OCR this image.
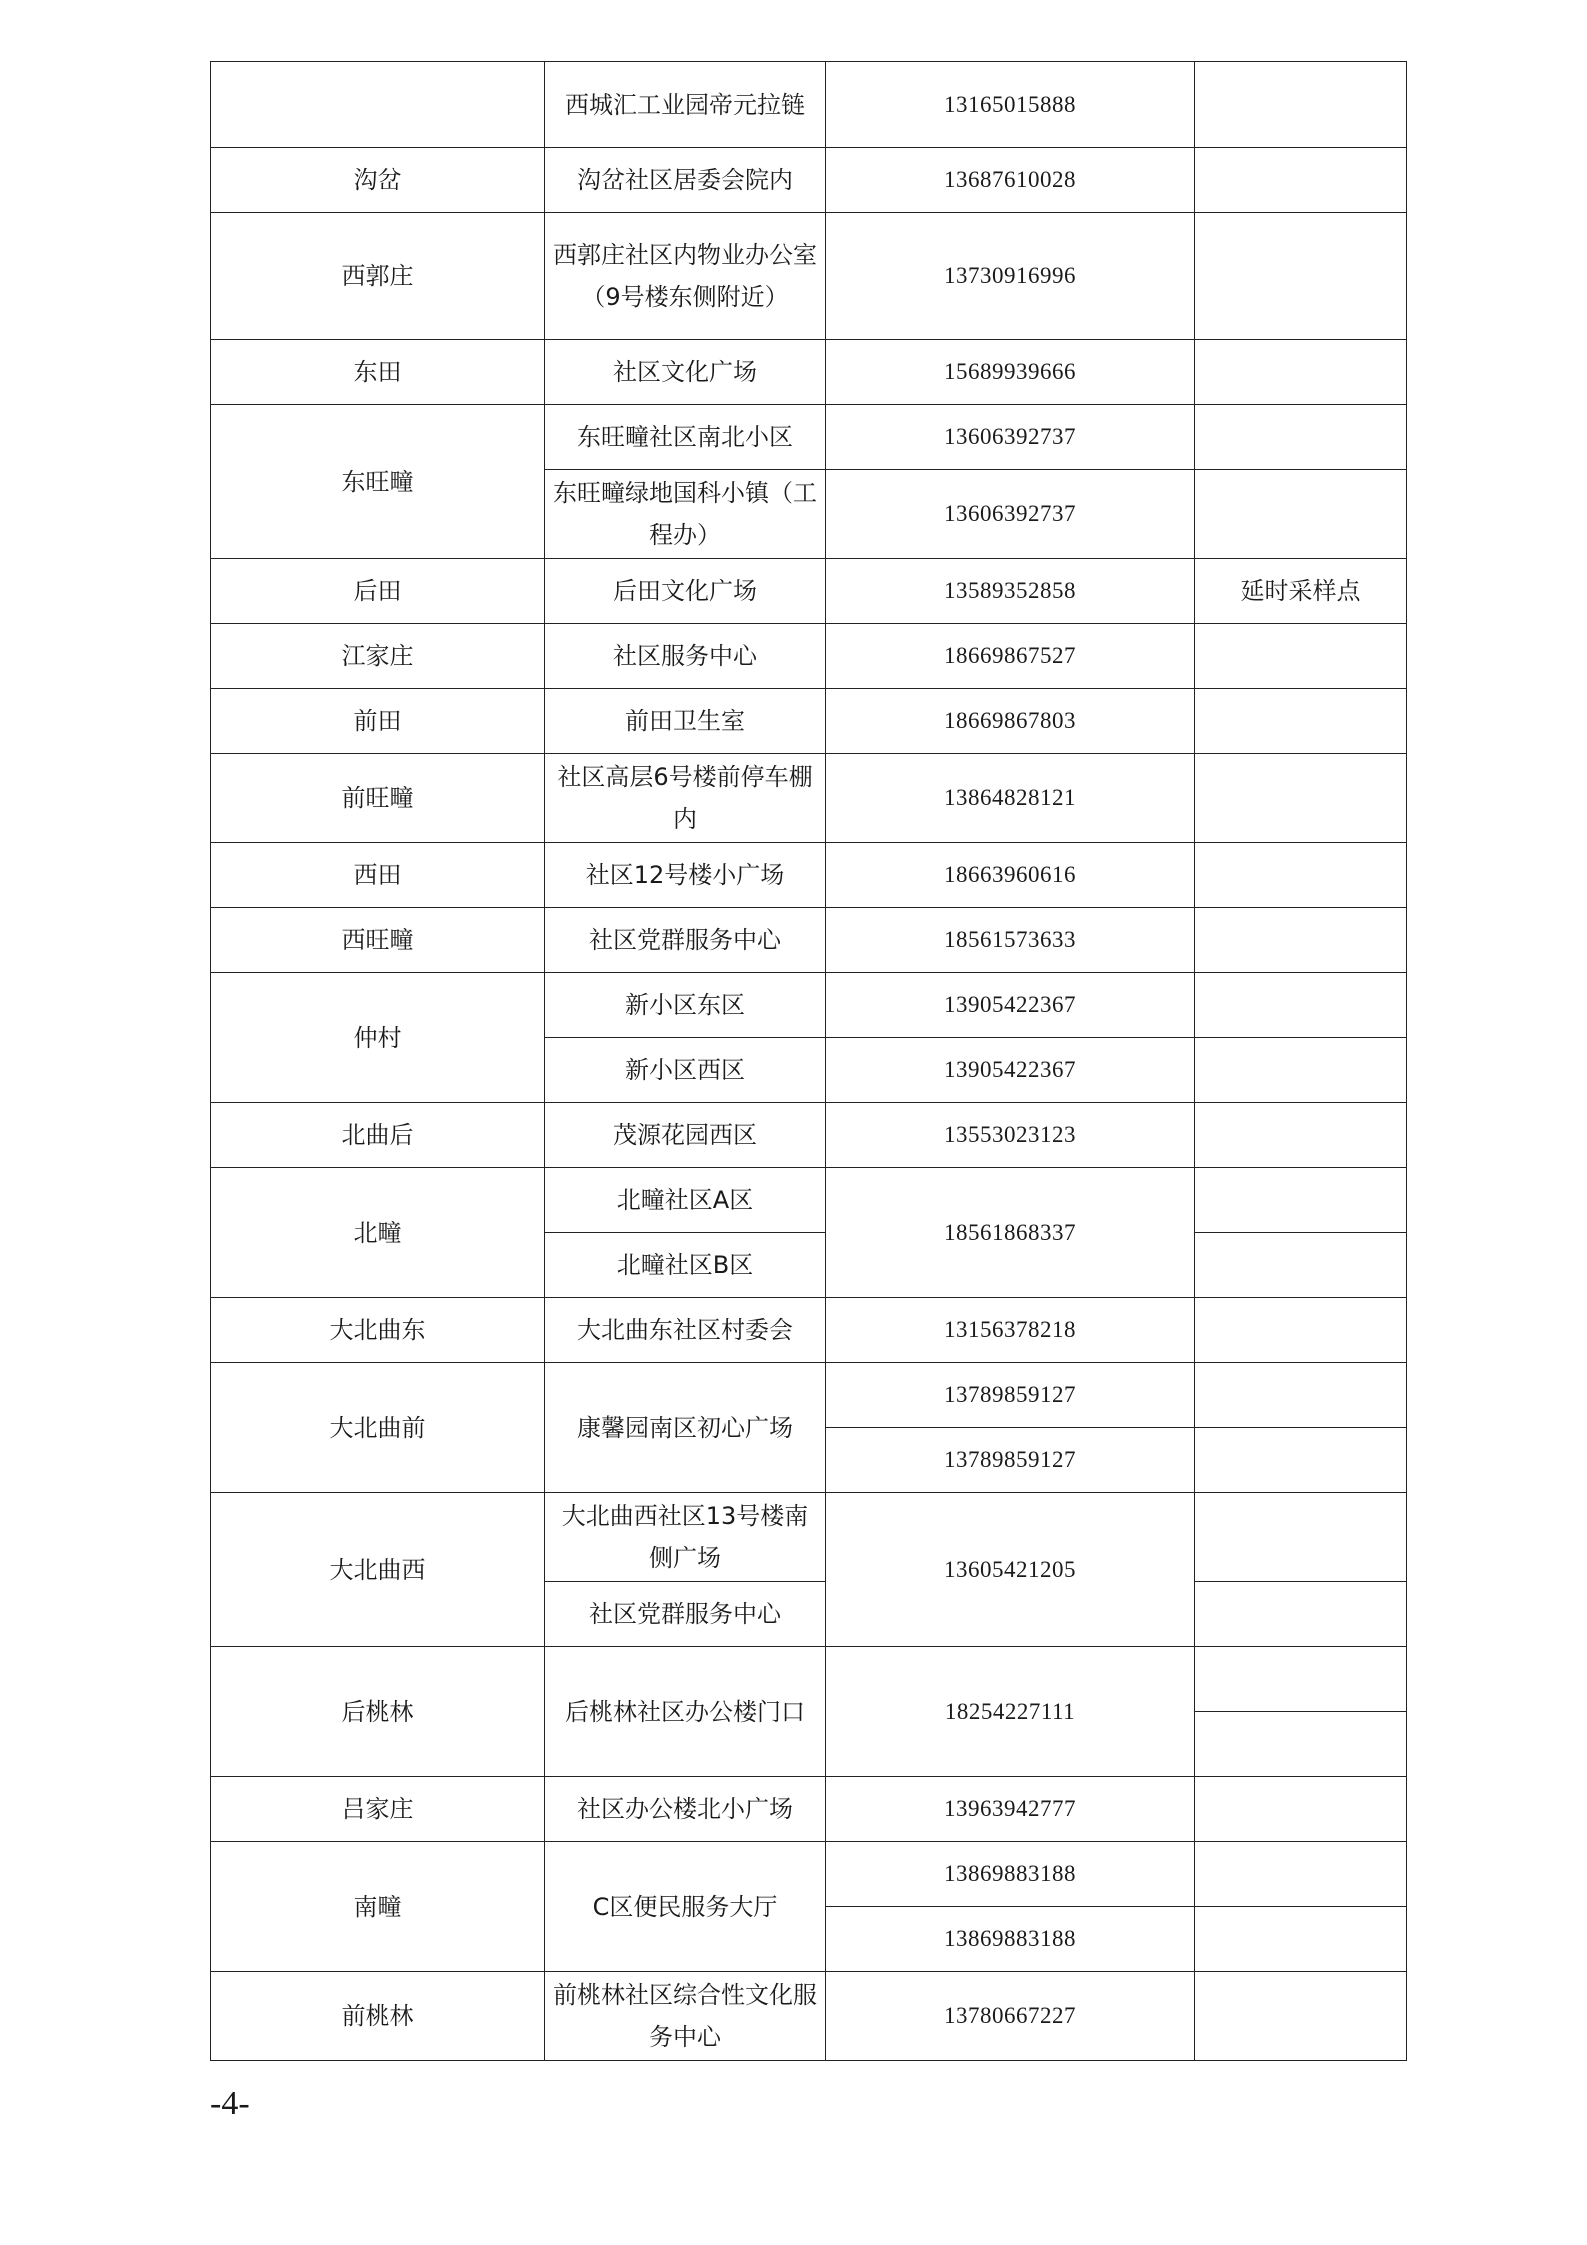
	西城汇工业园帝元拉链	13165015888	
沟岔	沟岔社区居委会院内	13687610028	
西郭庄	西郭庄社区内物业办公室（9号楼东侧附近）	13730916996	
东田	社区文化广场	15689939666	
东旺疃	东旺疃社区南北小区	13606392737	
	东旺疃绿地国科小镇（工程办）	13606392737	
后田	后田文化广场	13589352858	延时采样点
江家庄	社区服务中心	18669867527	
前田	前田卫生室	18669867803	
前旺疃	社区高层6号楼前停车棚内	13864828121	
西田	社区12号楼小广场	18663960616	
西旺疃	社区党群服务中心	18561573633	
仲村	新小区东区	13905422367	
	新小区西区	13905422367	
北曲后	茂源花园西区	13553023123	
北疃	北疃社区A区	18561868337	
	北疃社区B区		
大北曲东	大北曲东社区村委会	13156378218	
大北曲前	康馨园南区初心广场	13789859127	
		13789859127	
大北曲西	大北曲西社区13号楼南侧广场	13605421205	
	社区党群服务中心		
后桃林	后桃林社区办公楼门口	18254227111	

吕家庄	社区办公楼北小广场	13963942777	
南疃	C区便民服务大厅	13869883188	
		13869883188	
前桃林	前桃林社区综合性文化服务中心	13780667227	
-4-
